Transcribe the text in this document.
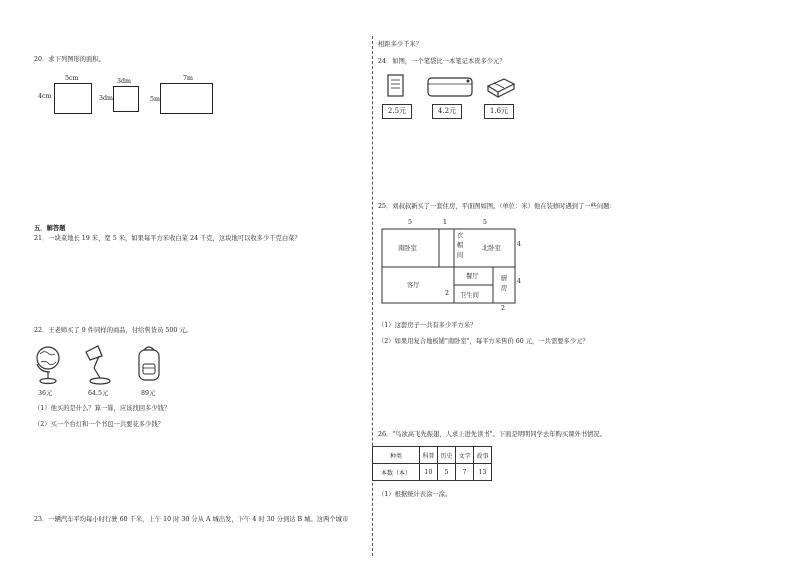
20．求下列图形的面积。
5cm
4cm
3dm
3dm
7m
5m
五．解答题
21．一块菜地长 19 米，宽 5 米，如果每平方米收白菜 24 千克，这块地可以收多少千克白菜？
22．王老师买了 9 件同样的商品，付给售货员 500 元。
36元	64.5元	89元
（1）他买的是什么？算一算，应该找回多少钱？
（2）买一个台灯和一个书包一共要花多少钱？
23．一辆汽车平均每小时行驶 60 千米，上午 10 时 30 分从 A 城出发，下午 4 时 30 分到达 B 城。这两个城市
相距多少千米？
24．如图，一个笔袋比一本笔记本贵多少元？
2.5元	4.2元	1.6元
25．刘叔叔新买了一套住房，平面图如图。（单位：米）他在装修时遇到了一些问题：
5	1	5
4
4
2
2
南卧室
衣
帽
间
北卧室
客厅
餐厅
卫生间
厨
房
（1）这套房子一共有多少平方米？
（2）如果用复合地板铺"南卧室"，每平方米售价 60 元，一共需要多少元？
26．"鸟欲高飞先振翅，人求上进先读书"。下面是明明同学去年购买课外书情况。
种类	科普	历史	文学	故事
本数（本）	10	5	7	13
（1）根据统计表涂一涂。
